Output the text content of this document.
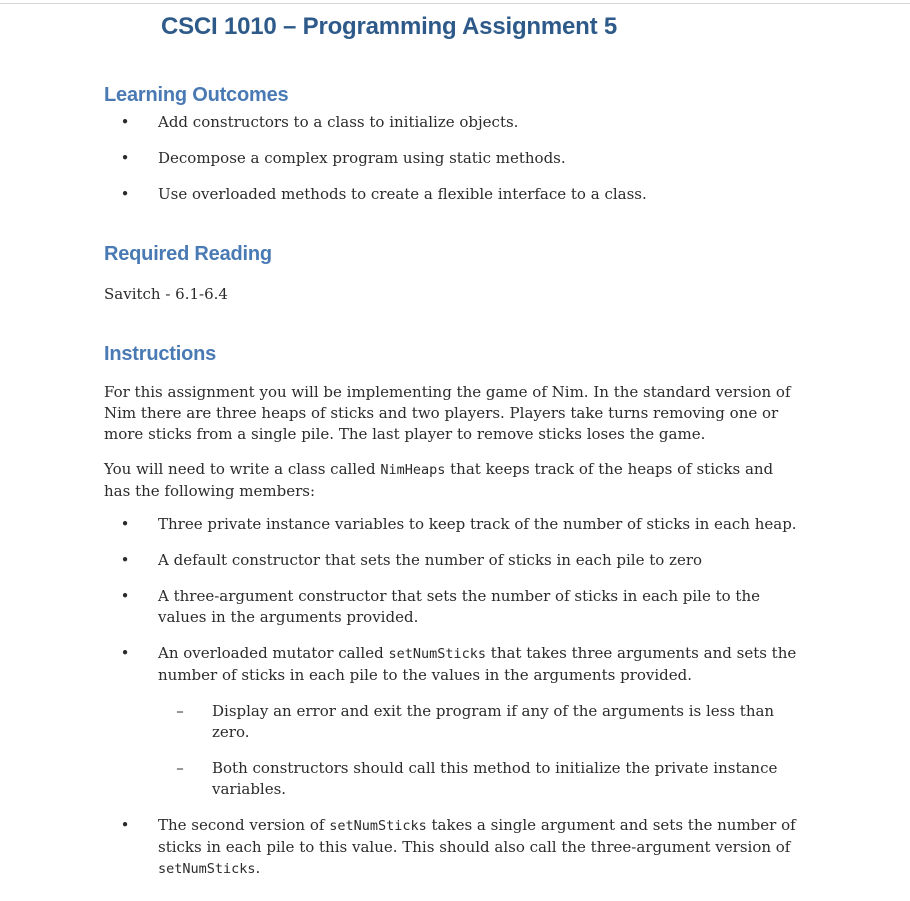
CSCI 1010 – Programming Assignment 5
Learning Outcomes
• Add constructors to a class to initialize objects.
• Decompose a complex program using static methods.
• Use overloaded methods to create a flexible interface to a class.
Required Reading

Savitch - 6.1-6.4

Instructions

For this assignment you will be implementing the game of Nim. In the standard version of Nim there are three heaps of sticks and two players. Players take turns removing one or more sticks from a single pile. The last player to remove sticks loses the game.

You will need to write a class called NimHeaps that keeps track of the heaps of sticks and has the following members:

• Three private instance variables to keep track of the number of sticks in each heap.
• A default constructor that sets the number of sticks in each pile to zero
• A three-argument constructor that sets the number of sticks in each pile to the values in the arguments provided.
• An overloaded mutator called setNumSticks that takes three arguments and sets the number of sticks in each pile to the values in the arguments provided.
– Display an error and exit the program if any of the arguments is less than zero.
– Both constructors should call this method to initialize the private instance variables.
• The second version of setNumSticks takes a single argument and sets the number of sticks in each pile to this value. This should also call the three-argument version of setNumSticks.
